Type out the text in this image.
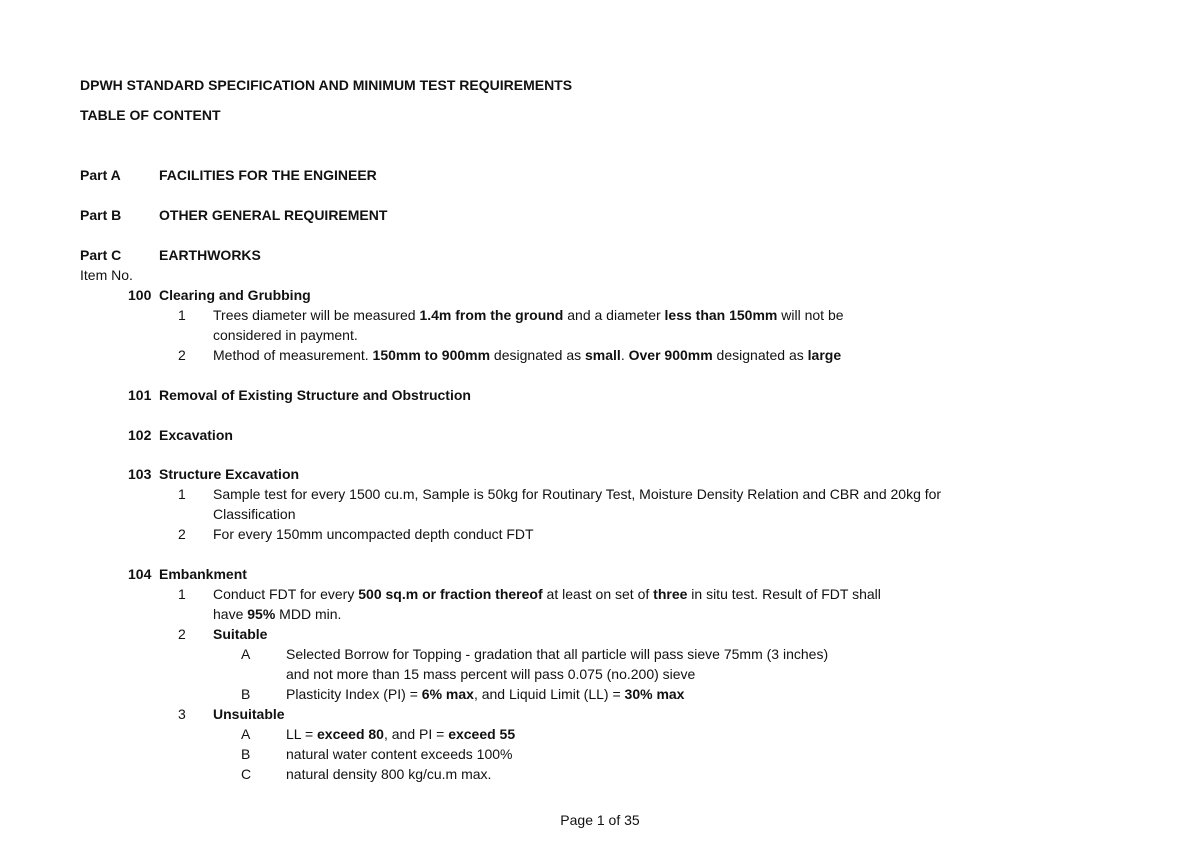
DPWH STANDARD SPECIFICATION AND MINIMUM TEST REQUIREMENTS
TABLE OF CONTENT
Part A	FACILITIES FOR THE ENGINEER
Part B	OTHER GENERAL REQUIREMENT
Part C	EARTHWORKS
Item No.
100 Clearing and Grubbing
1 Trees diameter will be measured 1.4m from the ground and a diameter less than 150mm will not be
considered in payment.
2 Method of measurement. 150mm to 900mm designated as small. Over 900mm designated as large
101 Removal of Existing Structure and Obstruction
102 Excavation
103 Structure Excavation
1 Sample test for every 1500 cu.m, Sample is 50kg for Routinary Test, Moisture Density Relation and CBR and 20kg for
Classification
2 For every 150mm uncompacted depth conduct FDT
104 Embankment
1 Conduct FDT for every 500 sq.m or fraction thereof at least on set of three in situ test. Result of FDT shall
have 95% MDD min.
2 Suitable
A	Selected Borrow for Topping - gradation that all particle will pass sieve 75mm (3 inches)
and not more than 15 mass percent will pass 0.075 (no.200) sieve
B	Plasticity Index (PI) = 6% max, and Liquid Limit (LL) = 30% max
3 Unsuitable
A	LL = exceed 80, and PI = exceed 55
B	natural water content exceeds 100%
C natural density 800 kg/cu.m max.
Page 1 of 35
